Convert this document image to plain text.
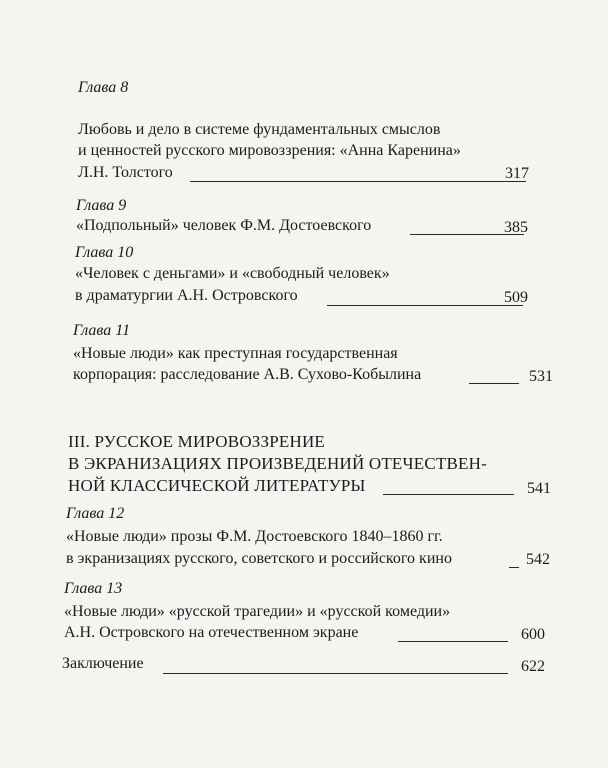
Глава 8
Любовь и дело в системе фундаментальных смыслов
и ценностей русского мировоззрения: «Анна Каренина»
Л.Н. Толстого	317
Глава 9
«Подпольный» человек Ф.М. Достоевского	385
Глава 10
«Человек с деньгами» и «свободный человек»
в драматургии А.Н. Островского	509
Глава 11
«Новые люди» как преступная государственная
корпорация: расследование А.В. Сухово-Кобылина	531
III. РУССКОЕ МИРОВОЗЗРЕНИЕ
В ЭКРАНИЗАЦИЯХ ПРОИЗВЕДЕНИЙ ОТЕЧЕСТВЕН-
НОЙ КЛАССИЧЕСКОЙ ЛИТЕРАТУРЫ	541
Глава 12
«Новые люди» прозы Ф.М. Достоевского 1840–1860 гг.
в экранизациях русского, советского и российского кино	542
Глава 13
«Новые люди» «русской трагедии» и «русской комедии»
А.Н. Островского на отечественном экране	600
Заключение	622
